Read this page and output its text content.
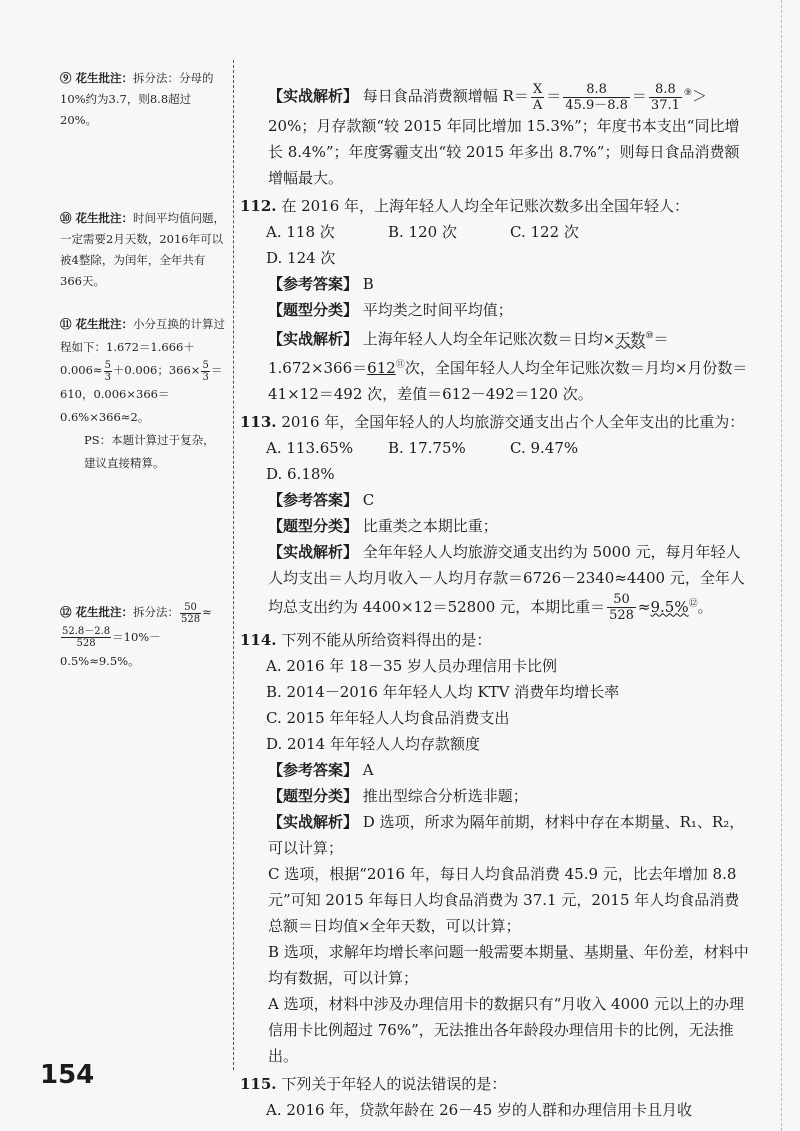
⑨ 花生批注：拆分法：分母的10%约为3.7，则8.8超过20%。
⑩ 花生批注：时间平均值问题，一定需要2月天数，2016年可以被4整除，为闰年，全年共有366天。
⑪ 花生批注：小分互换的计算过程如下：$1.672=1.666+0.006\approx \frac{5}{3} +0.006$；$366\times \frac{5}{3} =610$，0.006×366＝0.6%×366≈2。
PS：本题计算过于复杂，建议直接精算。
⑫ 花生批注：拆分法： $\frac{50}{528}$ ≈
$\frac{52.8-2.8}{528} =10\%-0.5\%\approx 9.5\%$。

【实战解析】 每日食品消费额增幅 $R= \frac{X}{A} = \frac{8.8}{45.9-8.8} = \frac{8.8}{37.1} ^⑨>20\%$；月存款额“较 2015 年同比增加 15.3%”；年度书本支出“同比增长 8.4%”；年度雾霾支出“较 2015 年多出 8.7%”；则每日食品消费额增幅最大。

112. 在 2016 年，上海年轻人人均全年记账次数多出全国年轻人：

A. 118 次	B. 120 次	C. 122 次D. 124 次

【参考答案】 B

【题型分类】 平均类之时间平均值；

【实战解析】 上海年轻人人均全年记账次数＝日均×天数⑩＝1.672×366＝612⑪次，全国年轻人人均全年记账次数＝月均×月份数＝41×12＝492 次，差值＝612－492＝120 次。

113. 2016 年，全国年轻人的人均旅游交通支出占个人全年支出的比重为：

A. 113.65% B. 17.75%	C. 9.47%D. 6.18%

【参考答案】 C

【题型分类】 比重类之本期比重；

【实战解析】 全年年轻人人均旅游交通支出约为 5000 元，每月年轻人人均支出＝人均月收入－人均月存款＝6726－2340≈4400 元，全年人均总支出约为 4400×12＝52800 元，本期比重＝ $\frac{50}{528} \approx 9.5\%^⑫$。

114. 下列不能从所给资料得出的是：

A. 2016 年 18－35 岁人员办理信用卡比例

B. 2014－2016 年年轻人人均 KTV 消费年均增长率

C. 2015 年年轻人人均食品消费支出

D. 2014 年年轻人人均存款额度

【参考答案】 A

【题型分类】 推出型综合分析选非题；

【实战解析】 D 选项，所求为隔年前期，材料中存在本期量、R₁、R₂，可以计算；

C 选项，根据“2016 年，每日人均食品消费 45.9 元，比去年增加 8.8 元”可知 2015 年每日人均食品消费为 37.1 元，2015 年人均食品消费总额＝日均值×全年天数，可以计算；

B 选项，求解年均增长率问题一般需要本期量、基期量、年份差，材料中均有数据，可以计算；

A 选项，材料中涉及办理信用卡的数据只有“月收入 4000 元以上的办理信用卡比例超过 76%”，无法推出各年龄段办理信用卡的比例，无法推出。

115. 下列关于年轻人的说法错误的是：

A. 2016 年，贷款年龄在 26－45 岁的人群和办理信用卡且月收

154
